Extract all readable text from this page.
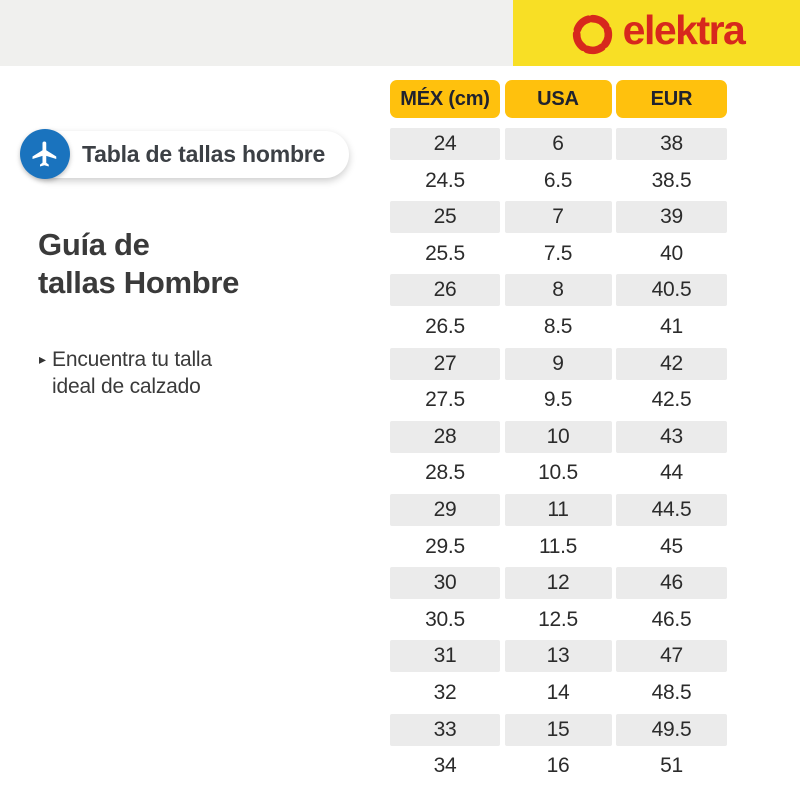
elektra
Tabla de tallas hombre
Guía de
tallas Hombre
▸ Encuentra tu talla
ideal de calzado
MÉX (cm)	USA	EUR
24	6	38
24.5	6.5	38.5
25	7	39
25.5	7.5	40
26	8	40.5
26.5	8.5	41
27	9	42
27.5	9.5	42.5
28	10	43
28.5	10.5	44
29	11	44.5
29.5	11.5	45
30	12	46
30.5	12.5	46.5
31	13	47
32	14	48.5
33	15	49.5
34	16	51
